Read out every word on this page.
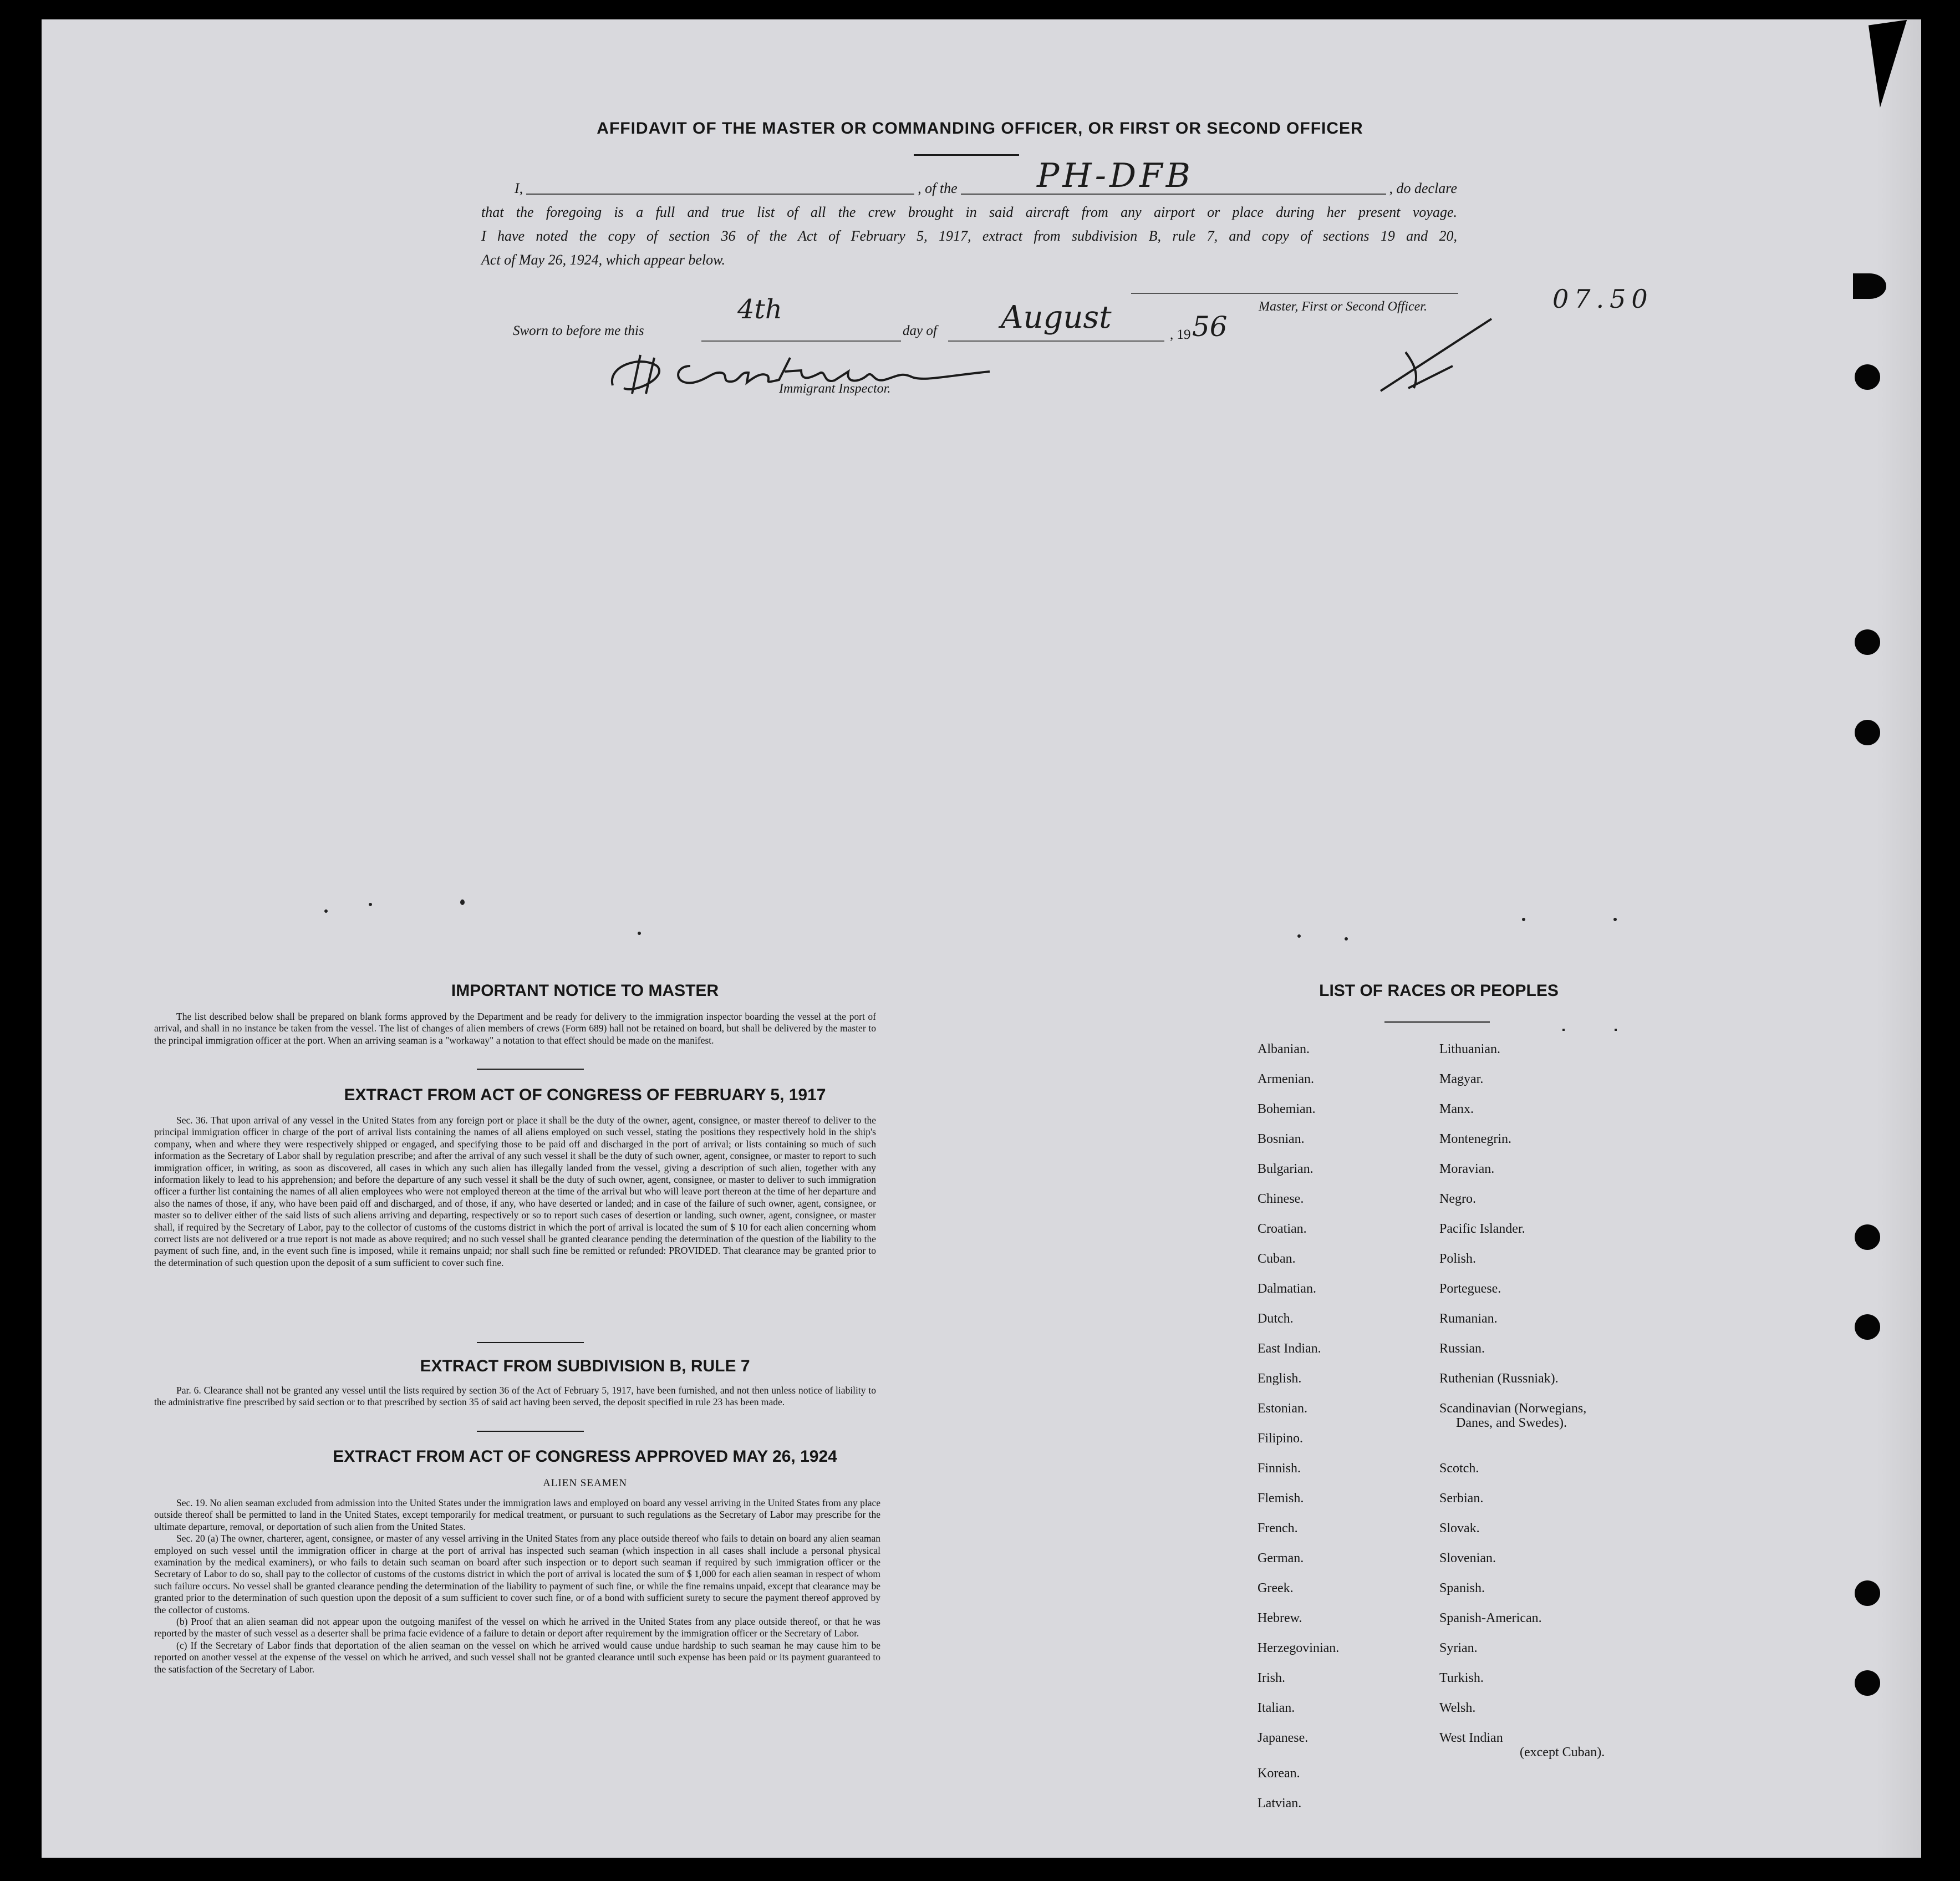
AFFIDAVIT OF THE MASTER OR COMMANDING OFFICER, OR FIRST OR SECOND OFFICER
I,	, of the	, do declare
that the foregoing is a full and true list of all the crew brought in said aircraft from any airport or place during her present voyage.
I have noted the copy of section 36 of the Act of February 5, 1917, extract from subdivision B, rule 7, and copy of sections 19 and 20,
Act of May 26, 1924, which appear below.
PH-DFB
Master, First or Second Officer.	07.50
Sworn to before me this
4th
day of August	, 19 56
Immigrant Inspector.
IMPORTANT NOTICE TO MASTER

The list described below shall be prepared on blank forms approved by the Department and be ready for delivery to the immigration inspector boarding the vessel at the port of arrival, and shall in no instance be taken from the vessel. The list of changes of alien members of crews (Form 689) hall not be retained on board, but shall be delivered by the master to the principal immigration officer at the port. When an arriving seaman is a "workaway" a notation to that effect should be made on the manifest.

EXTRACT FROM ACT OF CONGRESS OF FEBRUARY 5, 1917

Sec. 36. That upon arrival of any vessel in the United States from any foreign port or place it shall be the duty of the owner, agent, consignee, or master thereof to deliver to the principal immigration officer in charge of the port of arrival lists containing the names of all aliens employed on such vessel, stating the positions they respectively hold in the ship's company, when and where they were respectively shipped or engaged, and specifying those to be paid off and discharged in the port of arrival; or lists containing so much of such information as the Secretary of Labor shall by regulation prescribe; and after the arrival of any such vessel it shall be the duty of such owner, agent, consignee, or master to report to such immigration officer, in writing, as soon as discovered, all cases in which any such alien has illegally landed from the vessel, giving a description of such alien, together with any information likely to lead to his apprehension; and before the departure of any such vessel it shall be the duty of such owner, agent, consignee, or master to deliver to such immigration officer a further list containing the names of all alien employees who were not employed thereon at the time of the arrival but who will leave port thereon at the time of her departure and also the names of those, if any, who have been paid off and discharged, and of those, if any, who have deserted or landed; and in case of the failure of such owner, agent, consignee, or master so to deliver either of the said lists of such aliens arriving and departing, respectively or so to report such cases of desertion or landing, such owner, agent, consignee, or master shall, if required by the Secretary of Labor, pay to the collector of customs of the customs district in which the port of arrival is located the sum of $ 10 for each alien concerning whom correct lists are not delivered or a true report is not made as above required; and no such vessel shall be granted clearance pending the determination of the question of the liability to the payment of such fine, and, in the event such fine is imposed, while it remains unpaid; nor shall such fine be remitted or refunded: PROVIDED. That clearance may be granted prior to the determination of such question upon the deposit of a sum sufficient to cover such fine.

EXTRACT FROM SUBDIVISION B, RULE 7

Par. 6. Clearance shall not be granted any vessel until the lists required by section 36 of the Act of February 5, 1917, have been furnished, and not then unless notice of liability to the administrative fine prescribed by said section or to that prescribed by section 35 of said act having been served, the deposit specified in rule 23 has been made.

EXTRACT FROM ACT OF CONGRESS APPROVED MAY 26, 1924
ALIEN SEAMEN

Sec. 19. No alien seaman excluded from admission into the United States under the immigration laws and employed on board any vessel arriving in the United States from any place outside thereof shall be permitted to land in the United States, except temporarily for medical treatment, or pursuant to such regulations as the Secretary of Labor may prescribe for the ultimate departure, removal, or deportation of such alien from the United States.

Sec. 20 (a) The owner, charterer, agent, consignee, or master of any vessel arriving in the United States from any place outside thereof who fails to detain on board any alien seaman employed on such vessel until the immigration officer in charge at the port of arrival has inspected such seaman (which inspection in all cases shall include a personal physical examination by the medical examiners), or who fails to detain such seaman on board after such inspection or to deport such seaman if required by such immigration officer or the Secretary of Labor to do so, shall pay to the collector of customs of the customs district in which the port of arrival is located the sum of $ 1,000 for each alien seaman in respect of whom such failure occurs. No vessel shall be granted clearance pending the determination of the liability to payment of such fine, or while the fine remains unpaid, except that clearance may be granted prior to the determination of such question upon the deposit of a sum sufficient to cover such fine, or of a bond with sufficient surety to secure the payment thereof approved by the collector of customs.

(b) Proof that an alien seaman did not appear upon the outgoing manifest of the vessel on which he arrived in the United States from any place outside thereof, or that he was reported by the master of such vessel as a deserter shall be prima facie evidence of a failure to detain or deport after requirement by the immigration officer or the Secretary of Labor.

(c) If the Secretary of Labor finds that deportation of the alien seaman on the vessel on which he arrived would cause undue hardship to such seaman he may cause him to be reported on another vessel at the expense of the vessel on which he arrived, and such vessel shall not be granted clearance until such expense has been paid or its payment guaranteed to the satisfaction of the Secretary of Labor.

LIST OF RACES OR PEOPLES
Albanian.
Armenian.
Bohemian.
Bosnian.
Bulgarian.
Chinese.
Croatian.
Cuban.
Dalmatian.
Dutch.
East Indian.
English.
Estonian.
Filipino.
Finnish.
Flemish.
French.
German.
Greek.
Hebrew.
Herzegovinian.
Irish.
Italian.
Japanese.
Korean.
Latvian.
Lithuanian.
Magyar.
Manx.
Montenegrin.
Moravian.
Negro.
Pacific Islander.
Polish.
Porteguese.
Rumanian.
Russian.
Ruthenian (Russniak).
Scandinavian (Norwegians,
Danes, and Swedes).
Scotch.
Serbian.
Slovak.
Slovenian.
Spanish.
Spanish-American.
Syrian.
Turkish.
Welsh.
West Indian
(except Cuban).
